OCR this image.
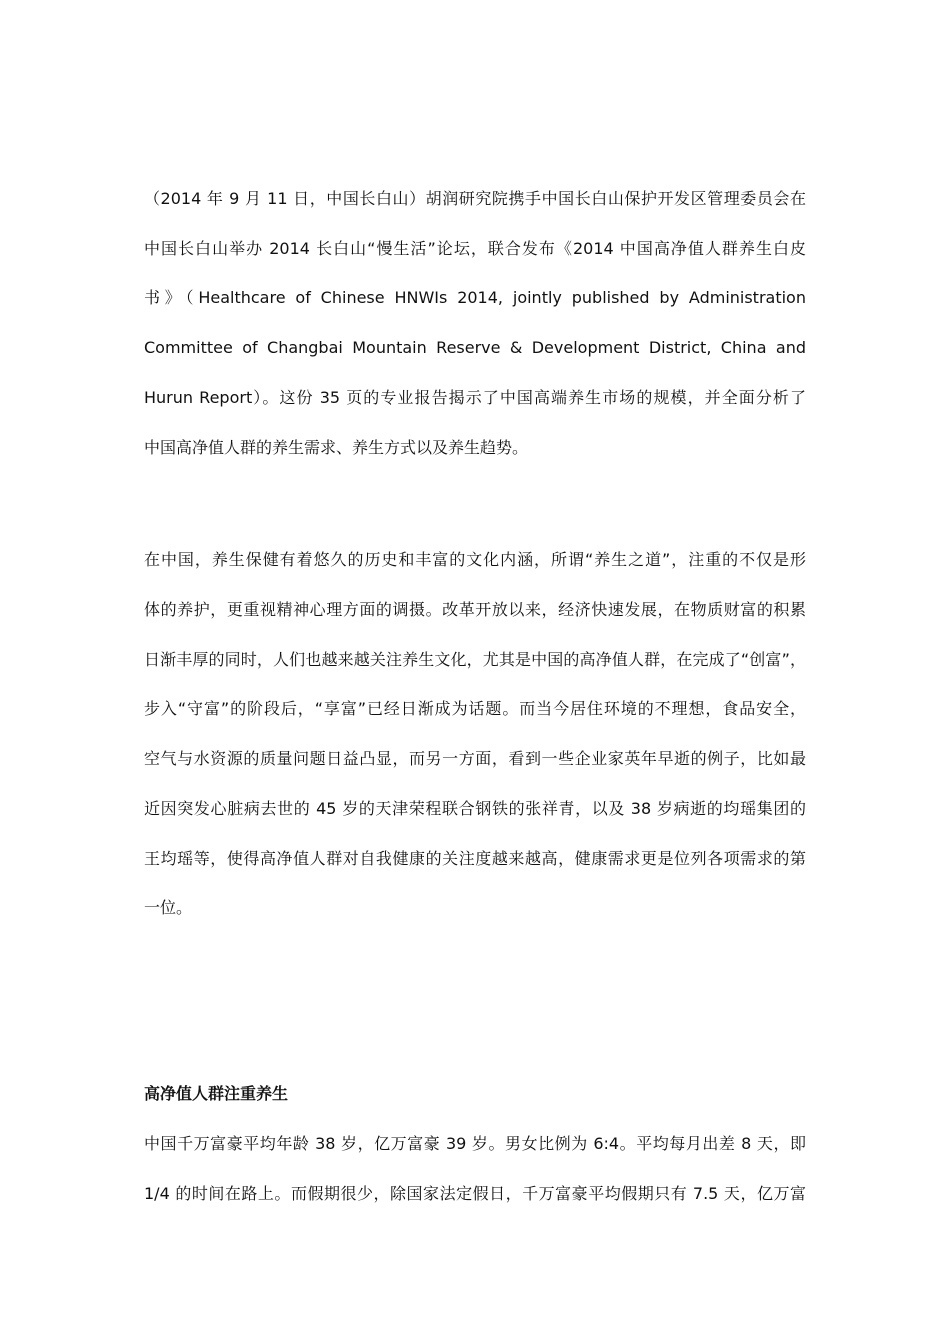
（2014 年 9 月 11 日，中国长白山）胡润研究院携手中国长白山保护开发区管理委员会在
中国长白山举办 2014 长白山“慢生活”论坛，联合发布《2014 中国高净值人群养生白皮
书》（Healthcare of Chinese HNWIs 2014, jointly published by Administration
Committee of Changbai Mountain Reserve & Development District, China and
Hurun Report）。这份 35 页的专业报告揭示了中国高端养生市场的规模，并全面分析了
中国高净值人群的养生需求、养生方式以及养生趋势。
在中国，养生保健有着悠久的历史和丰富的文化内涵，所谓“养生之道”，注重的不仅是形
体的养护，更重视精神心理方面的调摄。改革开放以来，经济快速发展，在物质财富的积累
日渐丰厚的同时，人们也越来越关注养生文化，尤其是中国的高净值人群，在完成了“创富”，
步入“守富”的阶段后，“享富”已经日渐成为话题。而当今居住环境的不理想，食品安全，
空气与水资源的质量问题日益凸显，而另一方面，看到一些企业家英年早逝的例子，比如最
近因突发心脏病去世的 45 岁的天津荣程联合钢铁的张祥青，以及 38 岁病逝的均瑶集团的
王均瑶等，使得高净值人群对自我健康的关注度越来越高，健康需求更是位列各项需求的第
一位。
高净值人群注重养生
中国千万富豪平均年龄 38 岁，亿万富豪 39 岁。男女比例为 6:4。平均每月出差 8 天，即
1/4 的时间在路上。而假期很少，除国家法定假日，千万富豪平均假期只有 7.5 天，亿万富
